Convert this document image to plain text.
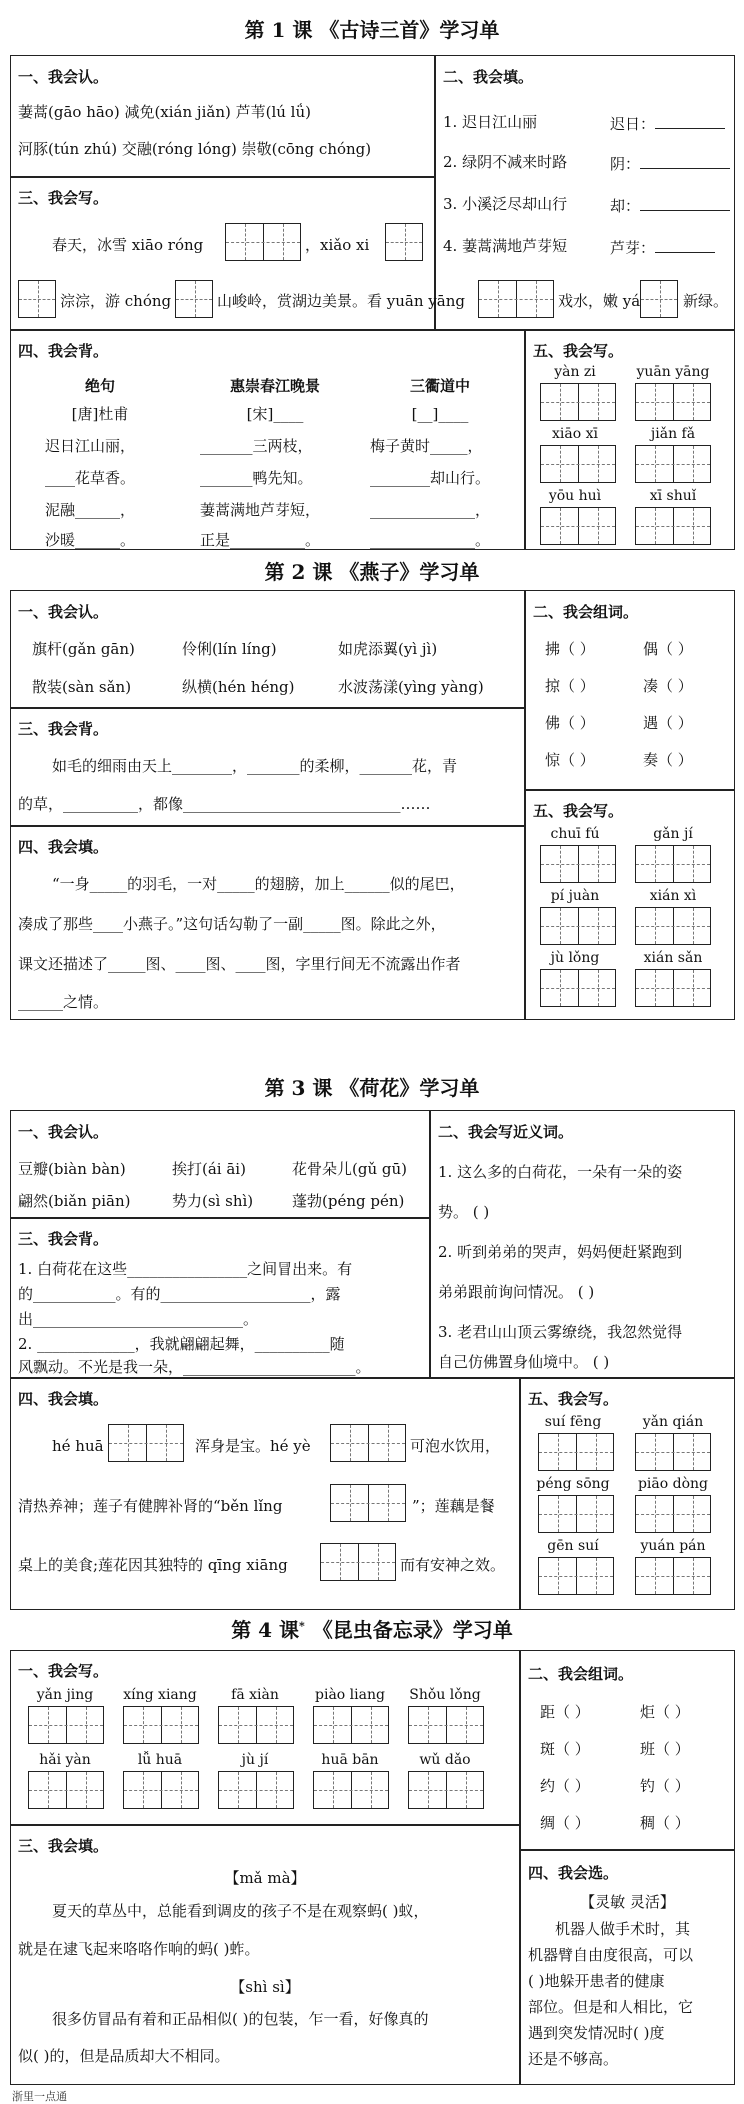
第 1 课 《古诗三首》学习单
一、我会认。
萋蒿(gāo hāo) 减免(xián jiǎn) 芦苇(lú lǘ)
河豚(tún zhú) 交融(róng lóng) 崇敬(cōng chóng)
二、我会填。
1. 迟日江山丽	迟日：
2. 绿阴不减来时路	阴：
3. 小溪泛尽却山行	却：
4. 萋蒿满地芦芽短	芦芽：
三、我会写。
春天，冰雪 xiāo róng	，xiǎo xi
淙淙，游 chóng	山峻岭，赏湖边美景。看 yuān yāng	戏水，嫩 yá	新绿。
四、我会背。
绝句
[唐]杜甫
迟日江山丽，
____花草香。
泥融______，
沙暖______。
惠崇春江晚景
[宋]____
_______三两枝，
_______鸭先知。
萋蒿满地芦芽短，
正是__________。
三衢道中
[__]____
梅子黄时_____，
________却山行。
______________，
______________。
五、我会写。
yàn zi	yuān yāng
xiāo xī	jiǎn fǎ
yōu huì	xī shuǐ
第 2 课 《燕子》学习单
一、我会认。
旗杆(gǎn gān)	伶俐(lín líng)	如虎添翼(yì jì)
散装(sàn sǎn)	纵横(hén héng)	水波荡漾(yìng yàng)
二、我会组词。
拂（ ）	偶（ ）
掠（ ）	凑（ ）
佛（ ）	遇（ ）
惊（ ）	奏（ ）
三、我会背。
如毛的细雨由天上________，_______的柔柳，_______花，青
的草，__________，都像_____________________________……
四、我会填。
“一身_____的羽毛，一对_____的翅膀，加上______似的尾巴，
凑成了那些____小燕子。”这句话勾勒了一副_____图。除此之外，
课文还描述了_____图、____图、____图，字里行间无不流露出作者
______之情。
五、我会写。
chuī fú	gǎn jí
pí juàn	xián xì
jù lǒng	xián sǎn
第 3 课 《荷花》学习单
一、我会认。
豆瓣(biàn bàn)	挨打(ái āi)	花骨朵儿(gǔ gū)
翩然(biǎn piān)	势力(sì shì)	蓬勃(péng pén)
二、我会写近义词。
1. 这么多的白荷花，一朵有一朵的姿
势。 ( )
2. 听到弟弟的哭声，妈妈便赶紧跑到
弟弟跟前询问情况。 ( )
3. 老君山山顶云雾缭绕，我忽然觉得
自己仿佛置身仙境中。 ( )
三、我会背。
1. 白荷花在这些________________之间冒出来。有
的___________。有的____________________，露
出____________________________。
2. _____________，我就翩翩起舞，__________随
风飘动。不光是我一朵，_______________________。
四、我会填。
hé huā	浑身是宝。hé yè	可泡水饮用，
清热养神；莲子有健脾补肾的“běn lǐng	”；莲藕是餐
桌上的美食;莲花因其独特的 qīng xiāng	而有安神之效。
五、我会写。
suí fēng	yǎn qián
péng sōng	piāo dòng
gēn suí	yuán pán
第 4 课* 《昆虫备忘录》学习单
一、我会写。
yǎn jing	xíng xiang	fā xiàn	piào liang	Shǒu lǒng
hǎi yàn	lǚ huā	jù jí	huā bān	wǔ dǎo
二、我会组词。
距（ ）	炬（ ）
斑（ ）	班（ ）
约（ ）	钓（ ）
绸（ ）	稠（ ）
三、我会填。
【mǎ mà】
夏天的草丛中，总能看到调皮的孩子不是在观察蚂( )蚁，
就是在逮飞起来咯咯作响的蚂( )蚱。
【shì sì】
很多仿冒品有着和正品相似( )的包装，乍一看，好像真的
似( )的，但是品质却大不相同。
四、我会选。
【灵敏 灵活】
机器人做手术时，其
机器臂自由度很高，可以
( )地躲开患者的健康
部位。但是和人相比，它
遇到突发情况时( )度
还是不够高。
浙里一点通
